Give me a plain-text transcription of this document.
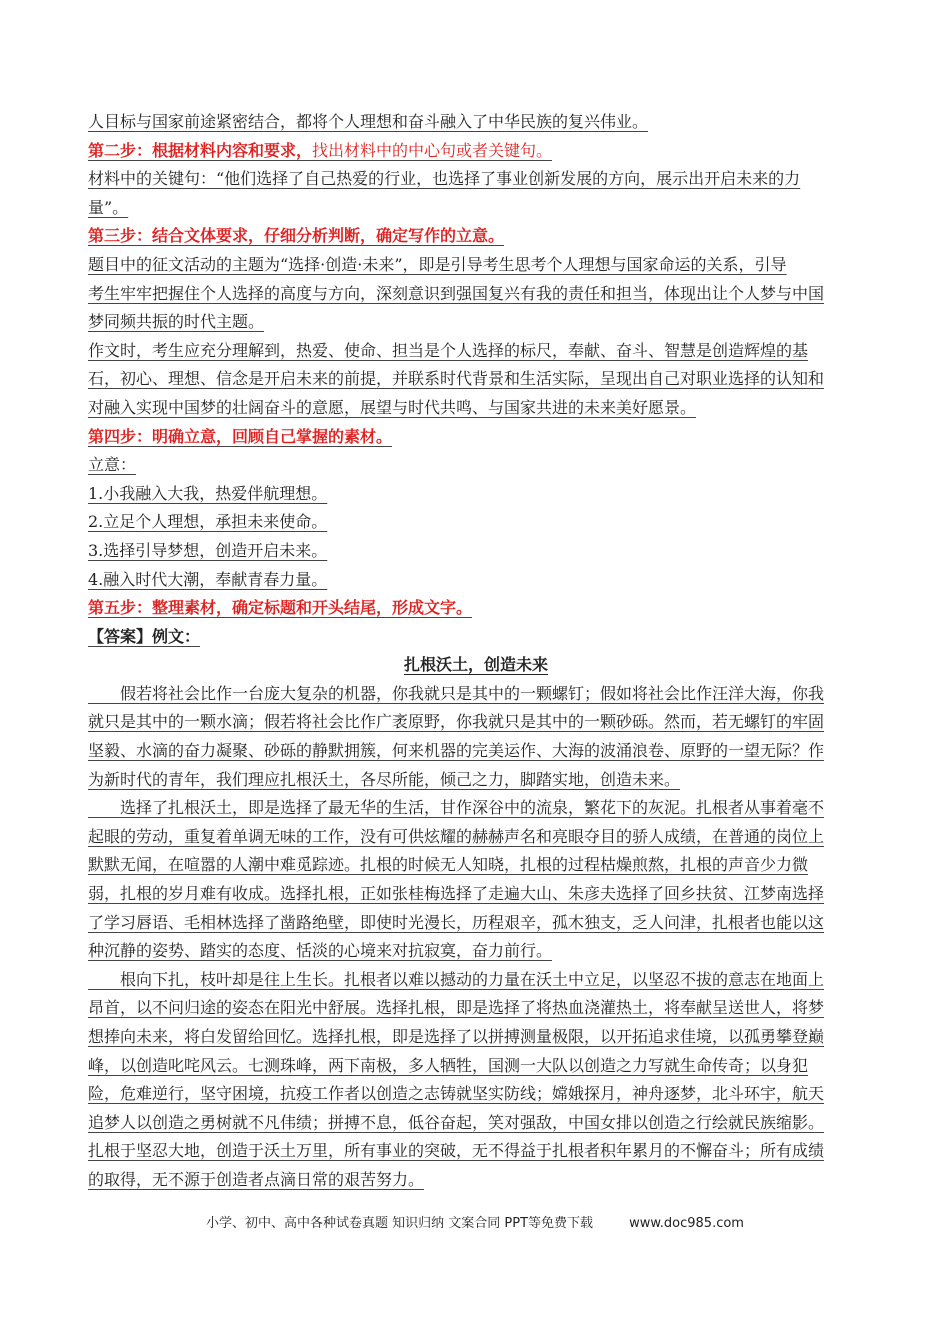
人目标与国家前途紧密结合，都将个人理想和奋斗融入了中华民族的复兴伟业。
第二步：根据材料内容和要求，找出材料中的中心句或者关键句。
材料中的关键句：“他们选择了自己热爱的行业，也选择了事业创新发展的方向，展示出开启未来的力
量”。
第三步：结合文体要求，仔细分析判断，确定写作的立意。
题目中的征文活动的主题为“选择·创造·未来”，即是引导考生思考个人理想与国家命运的关系，引导
考生牢牢把握住个人选择的高度与方向，深刻意识到强国复兴有我的责任和担当，体现出让个人梦与中国
梦同频共振的时代主题。
作文时，考生应充分理解到，热爱、使命、担当是个人选择的标尺，奉献、奋斗、智慧是创造辉煌的基
石，初心、理想、信念是开启未来的前提，并联系时代背景和生活实际，呈现出自己对职业选择的认知和
对融入实现中国梦的壮阔奋斗的意愿，展望与时代共鸣、与国家共进的未来美好愿景。
第四步：明确立意，回顾自己掌握的素材。
立意：
1.小我融入大我，热爱伴航理想。
2.立足个人理想，承担未来使命。
3.选择引导梦想，创造开启未来。
4.融入时代大潮，奉献青春力量。
第五步：整理素材，确定标题和开头结尾，形成文字。
【答案】例文：
扎根沃土，创造未来
　　假若将社会比作一台庞大复杂的机器，你我就只是其中的一颗螺钉；假如将社会比作汪洋大海，你我
就只是其中的一颗水滴；假若将社会比作广袤原野，你我就只是其中的一颗砂砾。然而，若无螺钉的牢固
坚毅、水滴的奋力凝聚、砂砾的静默拥簇，何来机器的完美运作、大海的波涌浪卷、原野的一望无际？作
为新时代的青年，我们理应扎根沃土，各尽所能，倾己之力，脚踏实地，创造未来。
　　选择了扎根沃土，即是选择了最无华的生活，甘作深谷中的流泉，繁花下的灰泥。扎根者从事着毫不
起眼的劳动，重复着单调无味的工作，没有可供炫耀的赫赫声名和亮眼夺目的骄人成绩，在普通的岗位上
默默无闻，在喧嚣的人潮中难觅踪迹。扎根的时候无人知晓，扎根的过程枯燥煎熬，扎根的声音少力微
弱，扎根的岁月难有收成。选择扎根，正如张桂梅选择了走遍大山、朱彦夫选择了回乡扶贫、江梦南选择
了学习唇语、毛相林选择了凿路绝壁，即使时光漫长，历程艰辛，孤木独支，乏人问津，扎根者也能以这
种沉静的姿势、踏实的态度、恬淡的心境来对抗寂寞，奋力前行。
　　根向下扎，枝叶却是往上生长。扎根者以难以撼动的力量在沃土中立足，以坚忍不拔的意志在地面上
昂首，以不问归途的姿态在阳光中舒展。选择扎根，即是选择了将热血浇灌热土，将奉献呈送世人，将梦
想捧向未来，将白发留给回忆。选择扎根，即是选择了以拼搏测量极限，以开拓追求佳境，以孤勇攀登巅
峰，以创造叱咤风云。七测珠峰，两下南极，多人牺牲，国测一大队以创造之力写就生命传奇；以身犯
险，危难逆行，坚守困境，抗疫工作者以创造之志铸就坚实防线；嫦娥探月，神舟逐梦，北斗环宇，航天
追梦人以创造之勇树就不凡伟绩；拼搏不息，低谷奋起，笑对强敌，中国女排以创造之行绘就民族缩影。
扎根于坚忍大地，创造于沃土万里，所有事业的突破，无不得益于扎根者积年累月的不懈奋斗；所有成绩
的取得，无不源于创造者点滴日常的艰苦努力。
小学、初中、高中各种试卷真题 知识归纳 文案合同 PPT等免费下载	www.doc985.com
